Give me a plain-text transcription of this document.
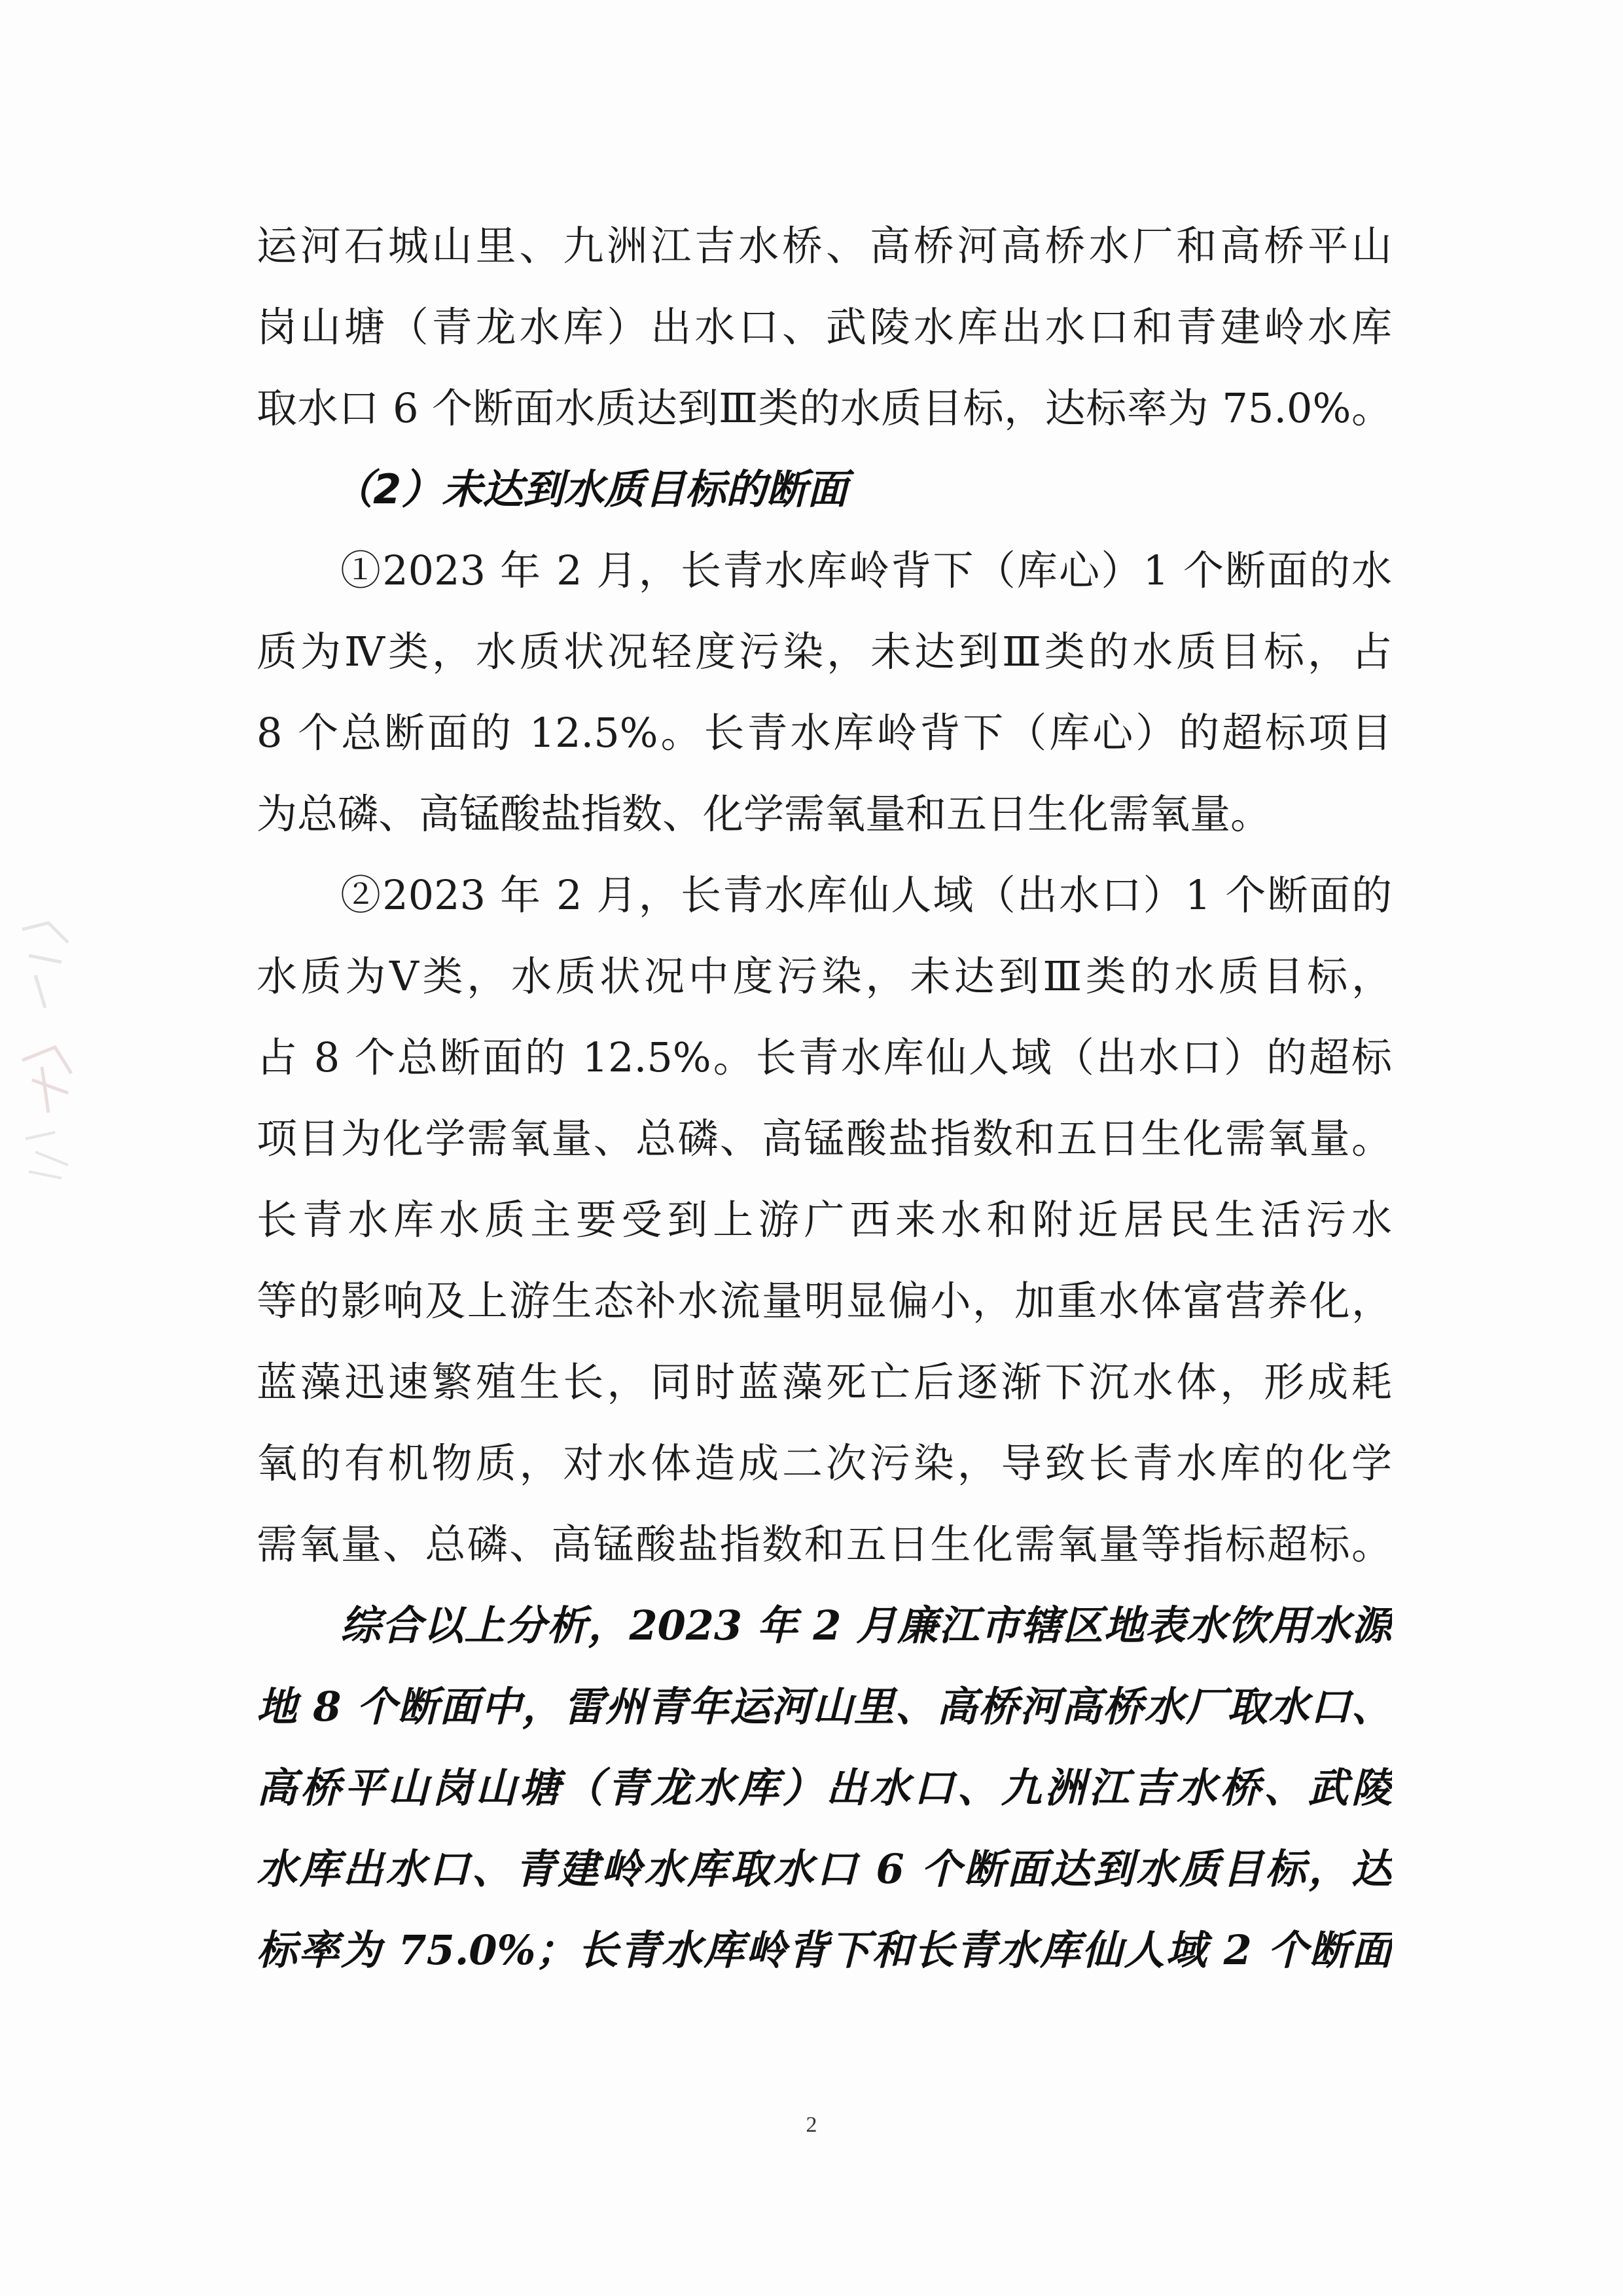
运河石城山里、九洲江吉水桥、高桥河高桥水厂和高桥平山
岗山塘（青龙水库）出水口、武陵水库出水口和青建岭水库
取水口 6 个断面水质达到Ⅲ类的水质目标，达标率为 75.0%。
（2）未达到水质目标的断面
①2023 年 2 月，长青水库岭背下（库心）1 个断面的水
质为Ⅳ类，水质状况轻度污染，未达到Ⅲ类的水质目标，占
8 个总断面的 12.5%。长青水库岭背下（库心）的超标项目
为总磷、高锰酸盐指数、化学需氧量和五日生化需氧量。
②2023 年 2 月，长青水库仙人域（出水口）1 个断面的
水质为Ⅴ类，水质状况中度污染，未达到Ⅲ类的水质目标，
占 8 个总断面的 12.5%。长青水库仙人域（出水口）的超标
项目为化学需氧量、总磷、高锰酸盐指数和五日生化需氧量。
长青水库水质主要受到上游广西来水和附近居民生活污水
等的影响及上游生态补水流量明显偏小，加重水体富营养化，
蓝藻迅速繁殖生长，同时蓝藻死亡后逐渐下沉水体，形成耗
氧的有机物质，对水体造成二次污染，导致长青水库的化学
需氧量、总磷、高锰酸盐指数和五日生化需氧量等指标超标。
综合以上分析，2023 年 2 月廉江市辖区地表水饮用水源
地 8 个断面中，雷州青年运河山里、高桥河高桥水厂取水口、
高桥平山岗山塘（青龙水库）出水口、九洲江吉水桥、武陵
水库出水口、青建岭水库取水口 6 个断面达到水质目标，达
标率为 75.0%；长青水库岭背下和长青水库仙人域 2 个断面
2
